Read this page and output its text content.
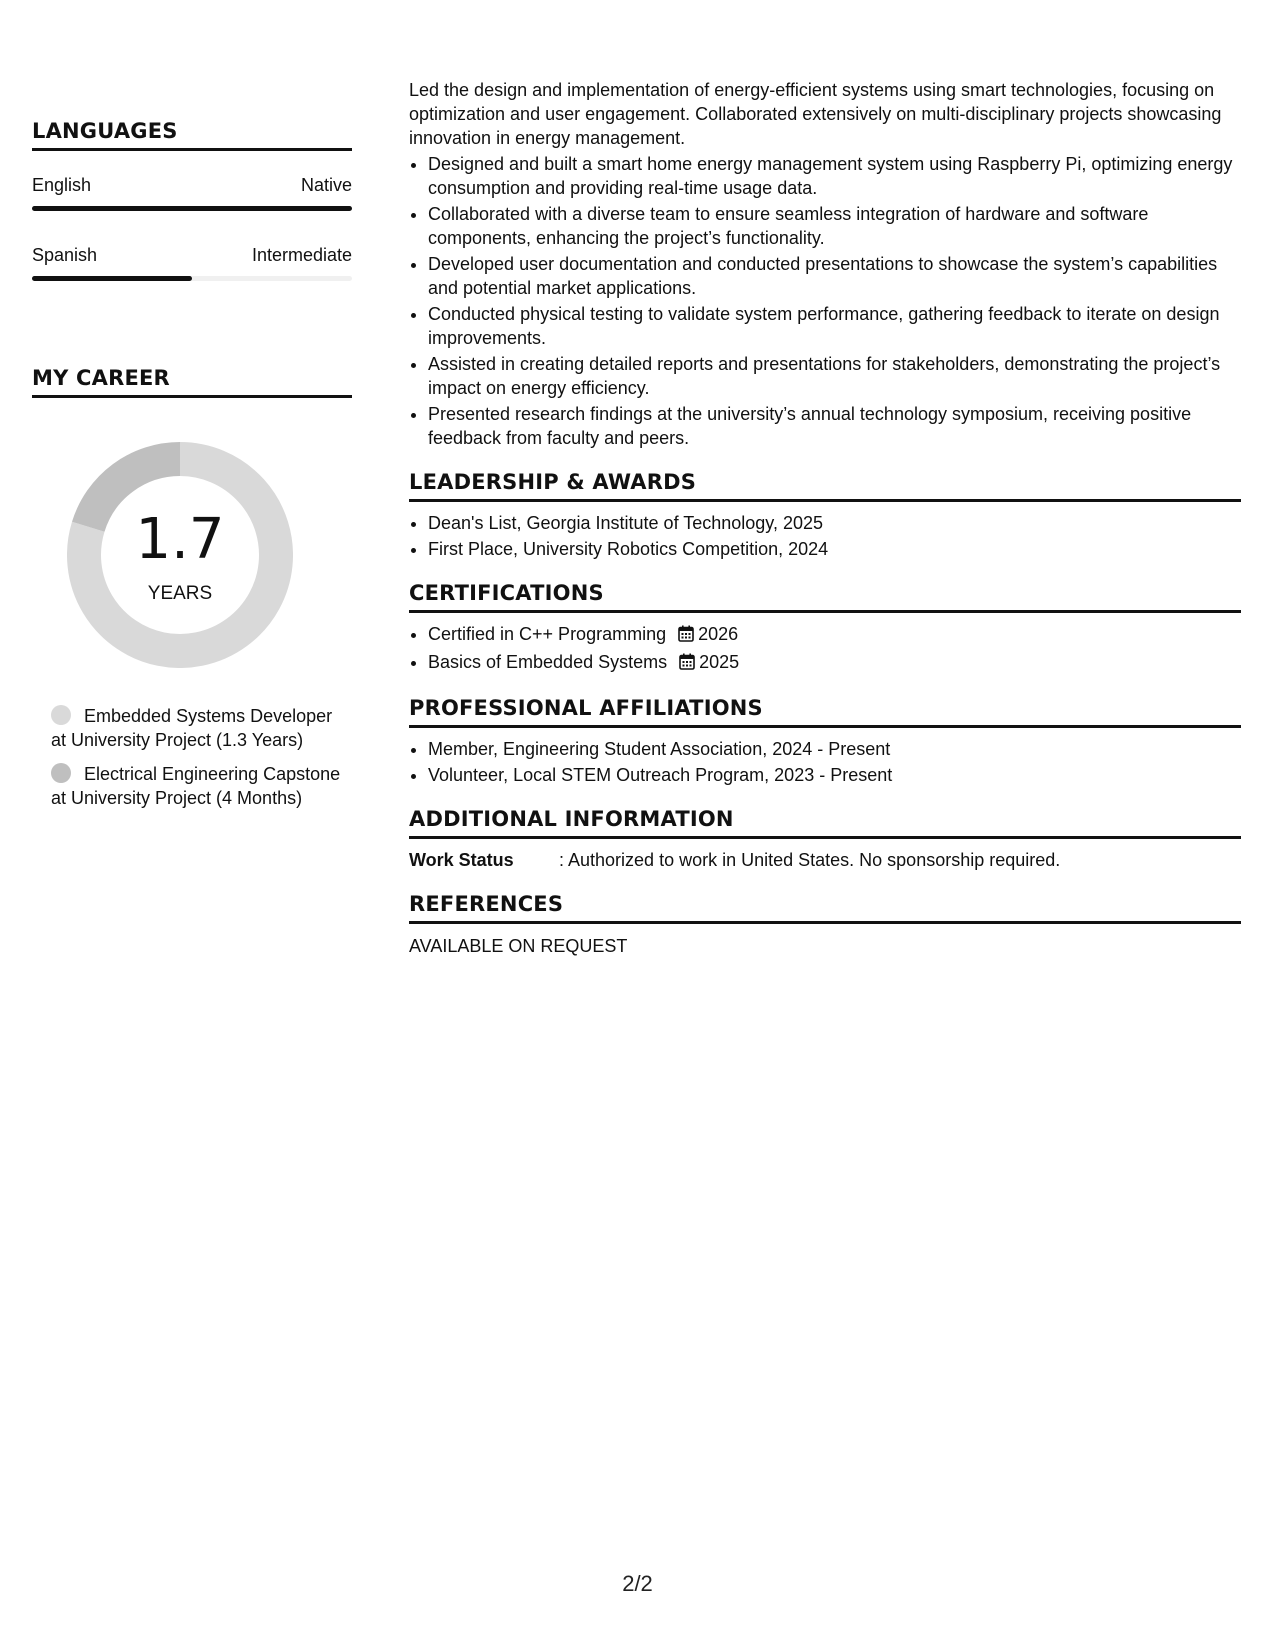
LANGUAGES
English	Native
Spanish	Intermediate
MY CAREER
1.7
YEARS
Embedded Systems Developer at University Project (1.3 Years)
Electrical Engineering Capstone at University Project (4 Months)

Led the design and implementation of energy-efficient systems using smart technologies, focusing on optimization and user engagement. Collaborated extensively on multi-disciplinary projects showcasing innovation in energy management.

• Designed and built a smart home energy management system using Raspberry Pi, optimizing energy consumption and providing real-time usage data.
• Collaborated with a diverse team to ensure seamless integration of hardware and software components, enhancing the project’s functionality.
• Developed user documentation and conducted presentations to showcase the system’s capabilities and potential market applications.
• Conducted physical testing to validate system performance, gathering feedback to iterate on design improvements.
• Assisted in creating detailed reports and presentations for stakeholders, demonstrating the project’s impact on energy efficiency.
• Presented research findings at the university’s annual technology symposium, receiving positive feedback from faculty and peers.
LEADERSHIP & AWARDS
• Dean's List, Georgia Institute of Technology, 2025
• First Place, University Robotics Competition, 2024
CERTIFICATIONS
• Certified in C++ Programming 2026
• Basics of Embedded Systems 2025
PROFESSIONAL AFFILIATIONS
• Member, Engineering Student Association, 2024 - Present
• Volunteer, Local STEM Outreach Program, 2023 - Present
ADDITIONAL INFORMATION
Work Status	: Authorized to work in United States. No sponsorship required.
REFERENCES
AVAILABLE ON REQUEST
2/2
